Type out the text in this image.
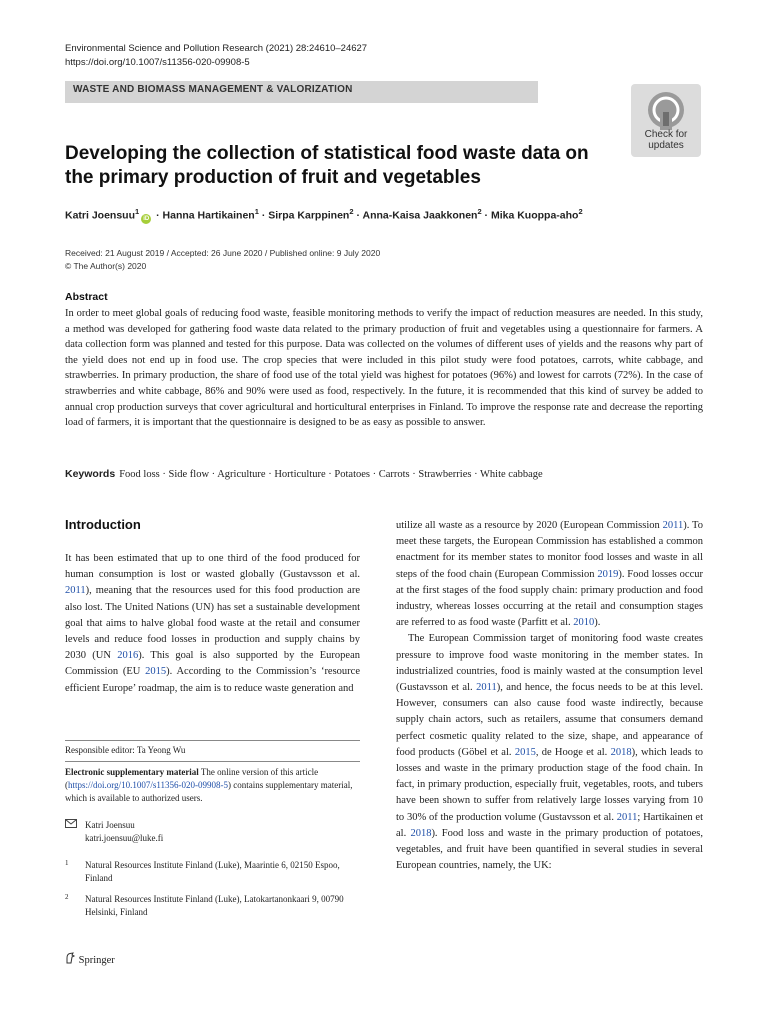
Environmental Science and Pollution Research (2021) 28:24610–24627
https://doi.org/10.1007/s11356-020-09908-5
WASTE AND BIOMASS MANAGEMENT & VALORIZATION
Check for
updates
Developing the collection of statistical food waste data on the primary production of fruit and vegetables
Katri Joensuu$^1$iD · Hanna Hartikainen$^1$ · Sirpa Karppinen$^2$ · Anna-Kaisa Jaakkonen$^2$ · Mika Kuoppa-aho$^2$
Received: 21 August 2019 / Accepted: 26 June 2020 / Published online: 9 July 2020
© The Author(s) 2020
Abstract

In order to meet global goals of reducing food waste, feasible monitoring methods to verify the impact of reduction measures are needed. In this study, a method was developed for gathering food waste data related to the primary production of fruit and vegetables using a questionnaire for farmers. A data collection form was planned and tested for this purpose. Data was collected on the volumes of different uses of yields and the reasons why part of the yield does not end up in food use. The crop species that were included in this pilot study were food potatoes, carrots, white cabbage, and strawberries. In primary production, the share of food use of the total yield was highest for potatoes (96%) and lowest for carrots (72%). In the case of strawberries and white cabbage, 86% and 90% were used as food, respectively. In the future, it is recommended that this kind of survey be added to annual crop production surveys that cover agricultural and horticultural enterprises in Finland. To improve the response rate and decrease the reporting load of farmers, it is important that the questionnaire is designed to be as easy as possible to answer.

Keywords Food loss · Side flow · Agriculture · Horticulture · Potatoes · Carrots · Strawberries · White cabbage
Introduction

It has been estimated that up to one third of the food produced for human consumption is lost or wasted globally (Gustavsson et al. 2011), meaning that the resources used for this food production are also lost. The United Nations (UN) has set a sustainable development goal that aims to halve global food waste at the retail and consumer levels and reduce food losses in production and supply chains by 2030 (UN 2016). This goal is also supported by the European Commission (EU 2015). According to the Commission’s ‘resource efficient Europe’ roadmap, the aim is to reduce waste generation and

utilize all waste as a resource by 2020 (European Commission 2011). To meet these targets, the European Commission has established a common enactment for its member states to monitor food losses and waste in all steps of the food chain (European Commission 2019). Food losses occur at the first stages of the food supply chain: primary production and food industry, whereas losses occurring at the retail and consumption stages are referred to as food waste (Parfitt et al. 2010).

The European Commission target of monitoring food waste creates pressure to improve food waste monitoring in the member states. In industrialized countries, food is mainly wasted at the consumption level (Gustavsson et al. 2011), and hence, the focus needs to be at this level. However, consumers can also cause food waste indirectly, because supply chain actors, such as retailers, assume that consumers demand perfect cosmetic quality related to the size, shape, and appearance of food products (Göbel et al. 2015, de Hooge et al. 2018), which leads to losses and waste in the primary production stage of the food chain. In fact, in primary production, especially fruit, vegetables, roots, and tubers have been shown to suffer from relatively large losses varying from 10 to 30% of the production volume (Gustavsson et al. 2011; Hartikainen et al. 2018). Food loss and waste in the primary production of potatoes, vegetables, and fruit have been quantified in several studies in several European countries, namely, the UK:

Responsible editor: Ta Yeong Wu
Electronic supplementary material The online version of this article (https://doi.org/10.1007/s11356-020-09908-5) contains supplementary material, which is available to authorized users.
Katri Joensuu
katri.joensuu@luke.fi
1 Natural Resources Institute Finland (Luke), Maarintie 6, 02150 Espoo, Finland
2 Natural Resources Institute Finland (Luke), Latokartanonkaari 9, 00790 Helsinki, Finland
Springer
